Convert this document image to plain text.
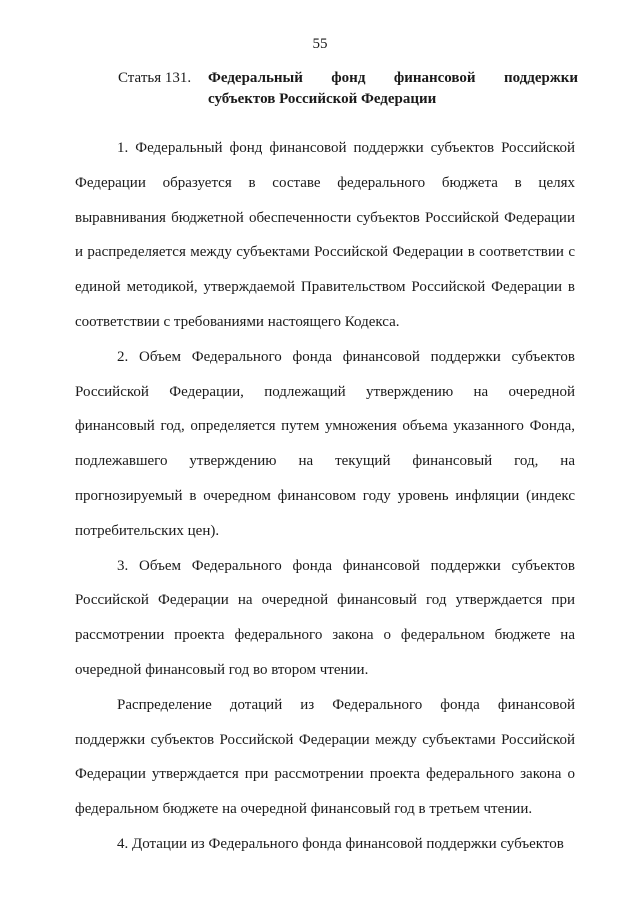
55
Статья 131.	Федеральный фонд финансовой поддержки
субъектов Российской Федерации

1. Федеральный фонд финансовой поддержки субъектов Российской Федерации образуется в составе федерального бюджета в целях выравнивания бюджетной обеспеченности субъектов Российской Федерации и распределяется между субъектами Российской Федерации в соответствии с единой методикой, утверждаемой Правительством Российской Федерации в соответствии с требованиями настоящего Кодекса.

2. Объем Федерального фонда финансовой поддержки субъектов Российской Федерации, подлежащий утверждению на очередной финансовый год, определяется путем умножения объема указанного Фонда, подлежавшего утверждению на текущий финансовый год, на прогнозируемый в очередном финансовом году уровень инфляции (индекс потребительских цен).

3. Объем Федерального фонда финансовой поддержки субъектов Российской Федерации на очередной финансовый год утверждается при рассмотрении проекта федерального закона о федеральном бюджете на очередной финансовый год во втором чтении.

Распределение дотаций из Федерального фонда финансовой поддержки субъектов Российской Федерации между субъектами Российской Федерации утверждается при рассмотрении проекта федерального закона о федеральном бюджете на очередной финансовый год в третьем чтении.

4. Дотации из Федерального фонда финансовой поддержки субъектов
